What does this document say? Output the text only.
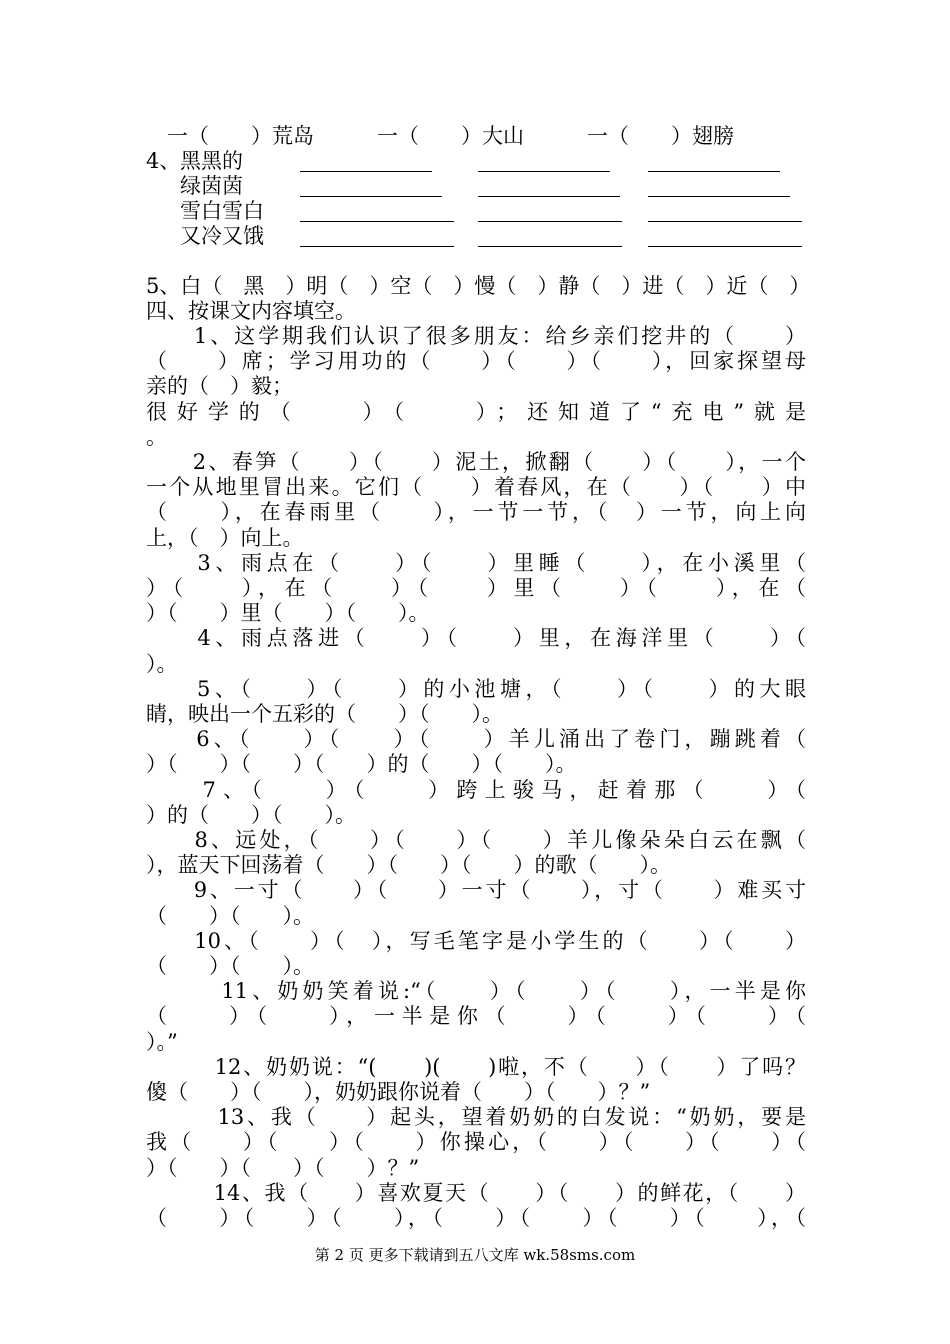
　一（　　）荒岛　　　一（　　）大山　　　一（　　）翅膀
4、 黑黑的
绿茵茵
雪白雪白
又冷又饿
5、白（　黑　）明（　）空（　）慢（　）静（　）进（　）近（　）
四、按课文内容填空。
　　1、这学期我们认识了很多朋友：给乡亲们挖井的（　　）
（　　）席；学习用功的（　　）（　　）（　　），回家探望母
亲的（　）毅；
很好学的（　　）（　　）；还知道了“充电”就是
。
　　2、春笋（　　）（　　）泥土，掀翻（　　）（　　），一个
一个从地里冒出来。它们（　　）着春风，在（　　）（　　）中
（　　），在春雨里（　　），一节一节，（　）一节，向上向
上，（　）向上。
　　3、雨点在（　　）（　　）里睡（　　），在小溪里（
）（　　），在（　　）（　　）里（　　）（　　），在（
）（　　）里（　　）（　　）。
　　4、雨点落进（　　）（　　）里，在海洋里（　　）（
）。
　　5、（　　）（　　）的小池塘，（　　）（　　）的大眼
睛，映出一个五彩的（　　）（　　）。
　　6、（　　）（　　）（　　）羊儿涌出了卷门，蹦跳着（
）（　　）（　　）（　　）的（　　）（　　）。
　　7、（　　）（　　）跨上骏马，赶着那（　　）（
）的（　　）（　　）。
　　8、远处，（　　）（　　）（　　）羊儿像朵朵白云在飘（
），蓝天下回荡着（　　）（　　）（　　）的歌（　　）。
　　9、一寸（　　）（　　）一寸（　　），寸（　　）难买寸
（　　）（　　）。
　　10、（　　）（　），写毛笔字是小学生的（　　）（　　）
（　　）（　　）。
　　　11、奶奶笑着说:“（　　）（　　）（　　），一半是你
（　　）（　　），一半是你（　　）（　　）（　　）（
）。”
　　　12、奶奶说：“(　　)(　　)啦，不（　　）（　　）了吗？
傻（　　）（　　），奶奶跟你说着（　　）（　　）？”
　　　13、我（　　）起头，望着奶奶的白发说：“奶奶，要是
我（　　）（　　）（　　）你操心，（　　）（　　）（　　）（
）（　　）（　　）（　　）？”
　　　14、我（　　）喜欢夏天（　　）（　　）的鲜花，（　　）
（　　）（　　）（　　），（　　）（　　）（　　）（　　），（
第 2 页 更多下载请到五八文库 wk.58sms.com
